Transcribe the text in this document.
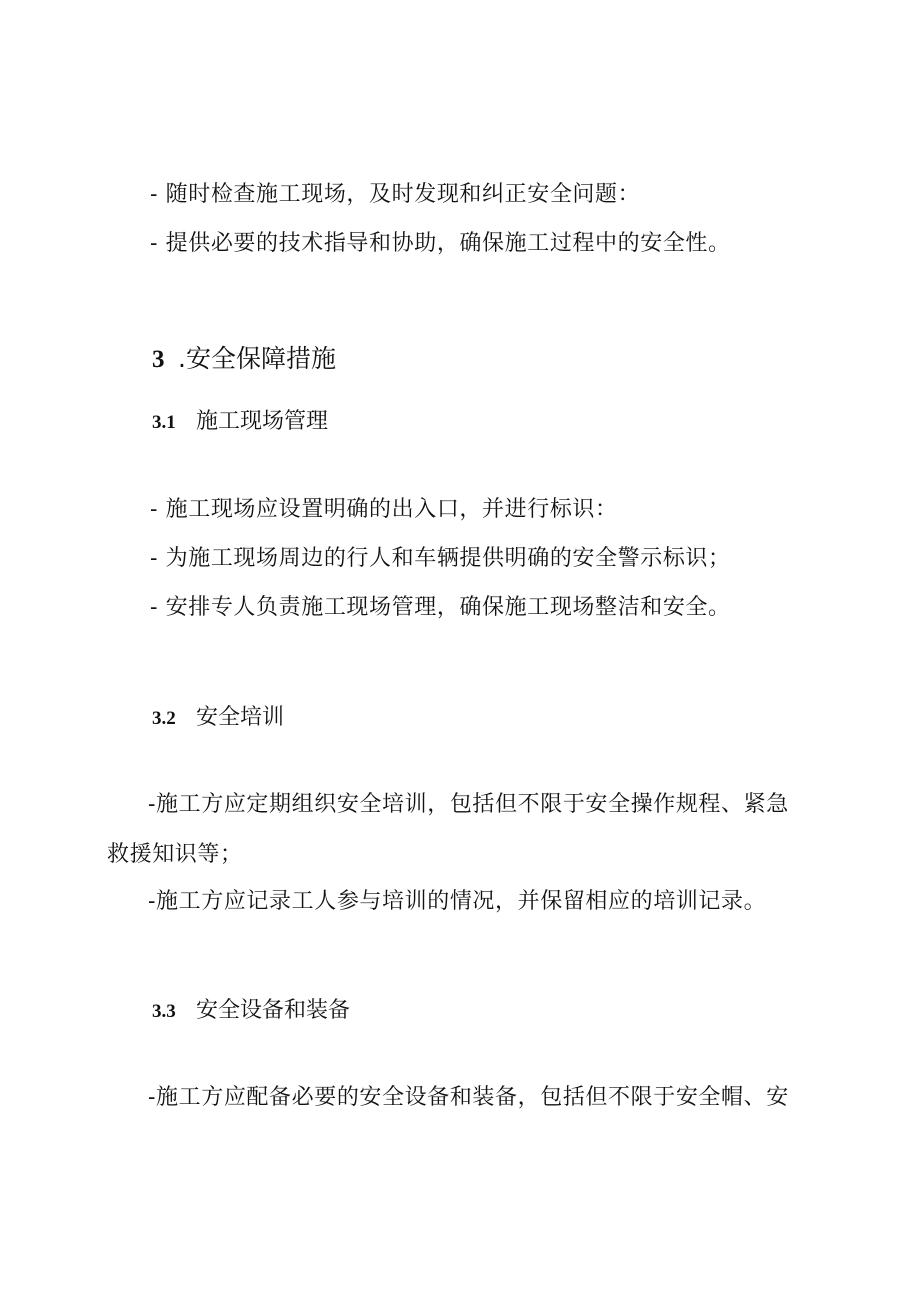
- 随时检查施工现场，及时发现和纠正安全问题：
- 提供必要的技术指导和协助，确保施工过程中的安全性。
3 .安全保障措施
3.1 施工现场管理
- 施工现场应设置明确的出入口，并进行标识：
- 为施工现场周边的行人和车辆提供明确的安全警示标识；
- 安排专人负责施工现场管理，确保施工现场整洁和安全。
3.2 安全培训
-施工方应定期组织安全培训，包括但不限于安全操作规程、紧急
救援知识等；
-施工方应记录工人参与培训的情况，并保留相应的培训记录。
3.3 安全设备和装备
-施工方应配备必要的安全设备和装备，包括但不限于安全帽、安
